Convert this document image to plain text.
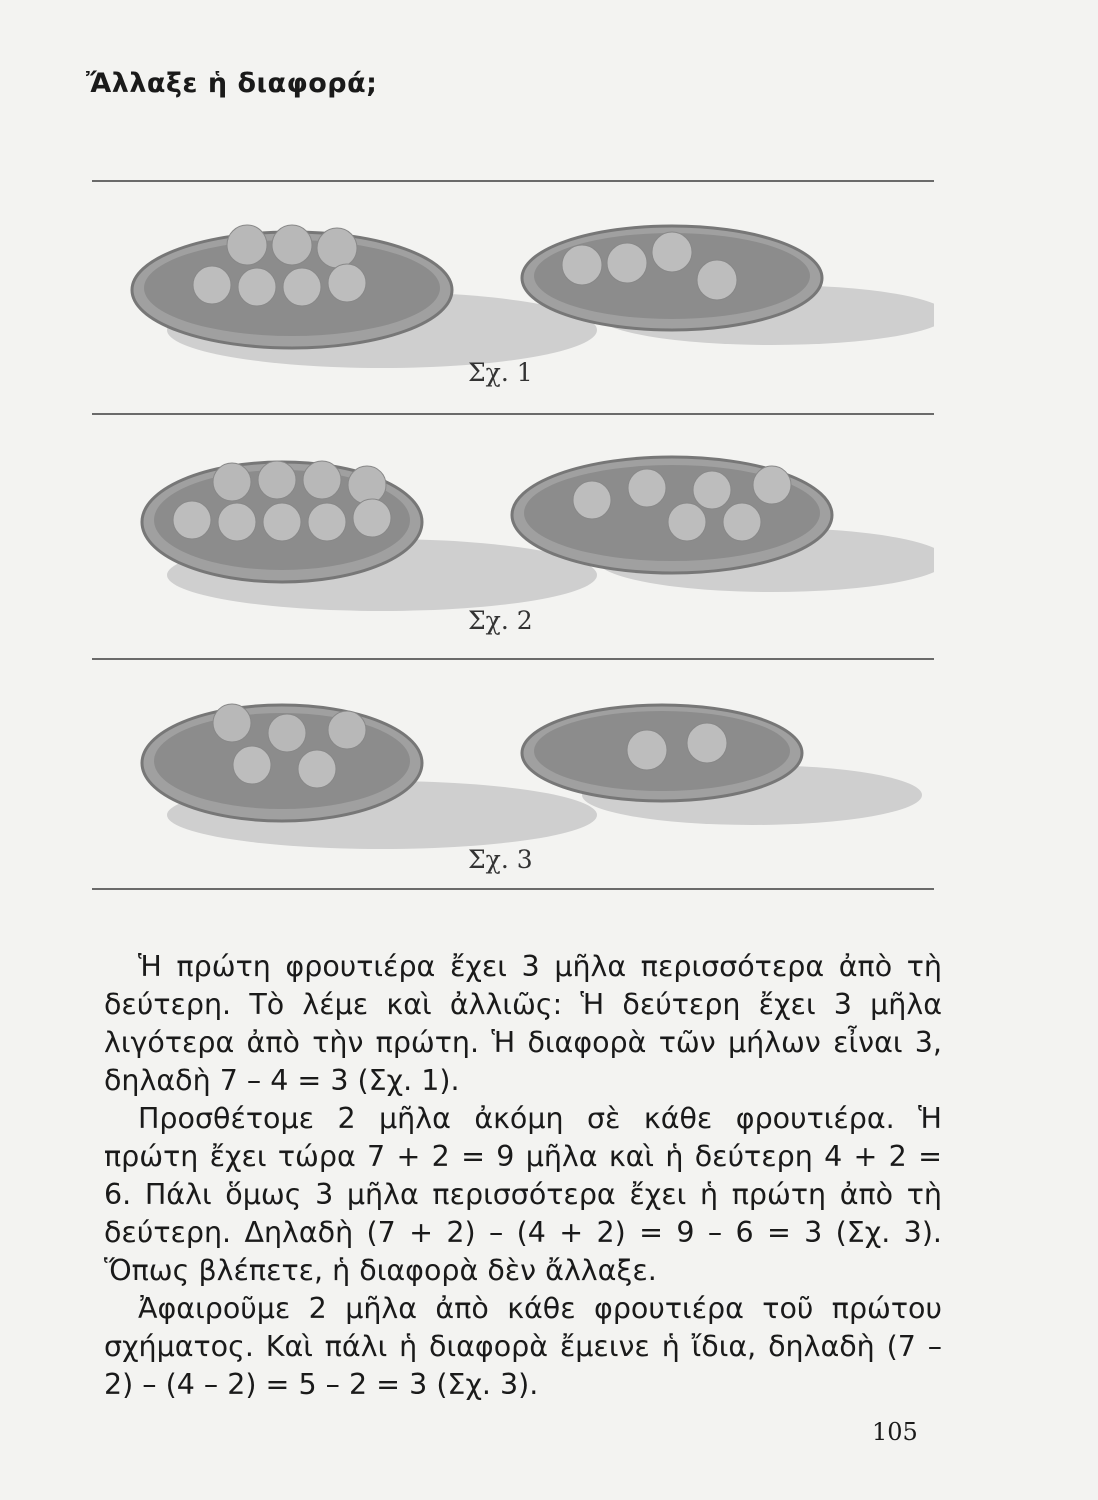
Ἄλλαξε ἡ διαφορά;
Σχ. 1
Σχ. 2
Σχ. 3

Ἡ πρώτη φρουτιέρα ἔχει 3 μῆλα περισσότερα ἀπὸ τὴ δεύτερη. Τὸ λέμε καὶ ἀλλιῶς: Ἡ δεύτερη ἔχει 3 μῆλα λιγότερα ἀπὸ τὴν πρώτη. Ἡ διαφορὰ τῶν μήλων εἶναι 3, δηλαδὴ 7 – 4 = 3 (Σχ. 1).

Προσθέτομε 2 μῆλα ἀκόμη σὲ κάθε φρουτιέρα. Ἡ πρώτη ἔχει τώρα 7 + 2 = 9 μῆλα καὶ ἡ δεύτερη 4 + 2 = 6. Πάλι ὅμως 3 μῆλα περισσότερα ἔχει ἡ πρώτη ἀπὸ τὴ δεύτερη. Δηλαδὴ (7 + 2) – (4 + 2) = 9 – 6 = 3 (Σχ. 3). Ὅπως βλέπετε, ἡ διαφορὰ δὲν ἄλλαξε.

Ἀφαιροῦμε 2 μῆλα ἀπὸ κάθε φρουτιέρα τοῦ πρώτου σχήματος. Καὶ πάλι ἡ διαφορὰ ἔμεινε ἡ ἴδια, δηλαδὴ (7 – 2) – (4 – 2) = 5 – 2 = 3 (Σχ. 3).

105
